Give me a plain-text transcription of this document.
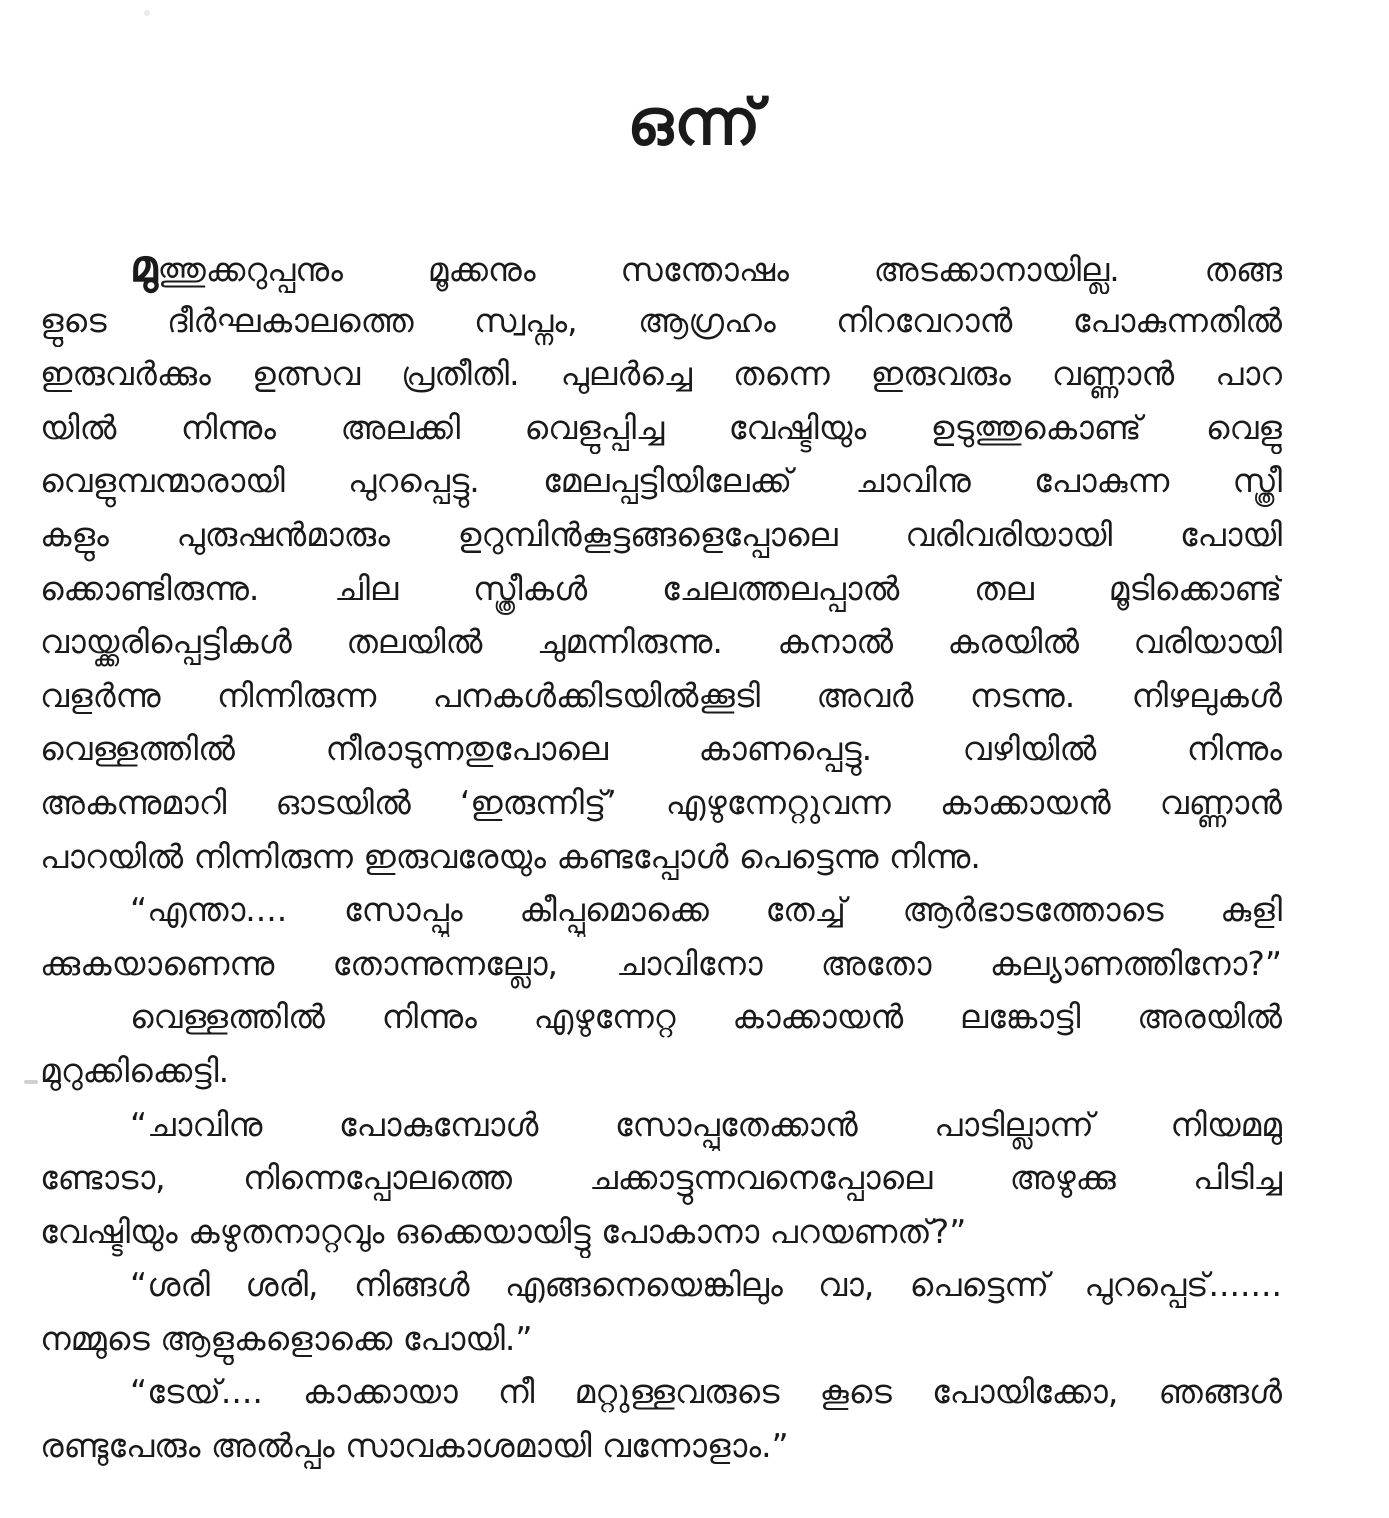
ഒന്ന്
മുത്തുക്കറുപ്പനും മൂക്കനും സന്തോഷം അടക്കാനായില്ല. തങ്ങ
ളുടെ ദീർഘകാലത്തെ സ്വപ്നം, ആഗ്രഹം നിറവേറാൻ പോകുന്നതിൽ
ഇരുവർക്കും ഉത്സവ പ്രതീതി. പുലർച്ചെ തന്നെ ഇരുവരും വണ്ണാൻ പാറ
യിൽ നിന്നും അലക്കി വെളുപ്പിച്ച വേഷ്ടിയും ഉടുത്തുകൊണ്ട് വെളു
വെളുമ്പന്മാരായി പുറപ്പെട്ടു. മേലപ്പട്ടിയിലേക്ക് ചാവിനു പോകുന്ന സ്ത്രീ
കളും പുരുഷൻമാരും ഉറുമ്പിൻകൂട്ടങ്ങളെപ്പോലെ വരിവരിയായി പോയി
ക്കൊണ്ടിരുന്നു. ചില സ്ത്രീകൾ ചേലത്തലപ്പാൽ തല മൂടിക്കൊണ്ട്
വായ്ക്കരിപ്പെട്ടികൾ തലയിൽ ചുമന്നിരുന്നു. കനാൽ കരയിൽ വരിയായി
വളർന്നു നിന്നിരുന്ന പനകൾക്കിടയിൽക്കൂടി അവർ നടന്നു. നിഴലുകൾ
വെള്ളത്തിൽ നീരാടുന്നതുപോലെ കാണപ്പെട്ടു. വഴിയിൽ നിന്നും
അകന്നുമാറി ഓടയിൽ ‘ഇരുന്നിട്ട്’ എഴുന്നേറ്റുവന്ന കാക്കായൻ വണ്ണാൻ
പാറയിൽ നിന്നിരുന്ന ഇരുവരേയും കണ്ടപ്പോൾ പെട്ടെന്നു നിന്നു.
“എന്താ.... സോപ്പും കീപ്പുമൊക്കെ തേച്ച് ആർഭാടത്തോടെ കുളി
ക്കുകയാണെന്നു തോന്നുന്നല്ലോ, ചാവിനോ അതോ കല്യാണത്തിനോ?”
വെള്ളത്തിൽ നിന്നും എഴുന്നേറ്റ കാക്കായൻ ലങ്കോട്ടി അരയിൽ
മുറുക്കിക്കെട്ടി.
“ചാവിനു പോകുമ്പോൾ സോപ്പുതേക്കാൻ പാടില്ലാന്ന് നിയമമു
ണ്ടോടാ, നിന്നെപ്പോലത്തെ ചക്കാട്ടുന്നവനെപ്പോലെ അഴുക്കു പിടിച്ച
വേഷ്ടിയും കഴുതനാറ്റവും ഒക്കെയായിട്ടു പോകാനാ പറയണത്?”
“ശരി ശരി, നിങ്ങൾ എങ്ങനെയെങ്കിലും വാ, പെട്ടെന്ന് പുറപ്പെട്.......
നമ്മുടെ ആളുകളൊക്കെ പോയി.”
“ടേയ്.... കാക്കായാ നീ മറ്റുള്ളവരുടെ കൂടെ പോയിക്കോ, ഞങ്ങൾ
രണ്ടുപേരും അൽപ്പം സാവകാശമായി വന്നോളാം.”
